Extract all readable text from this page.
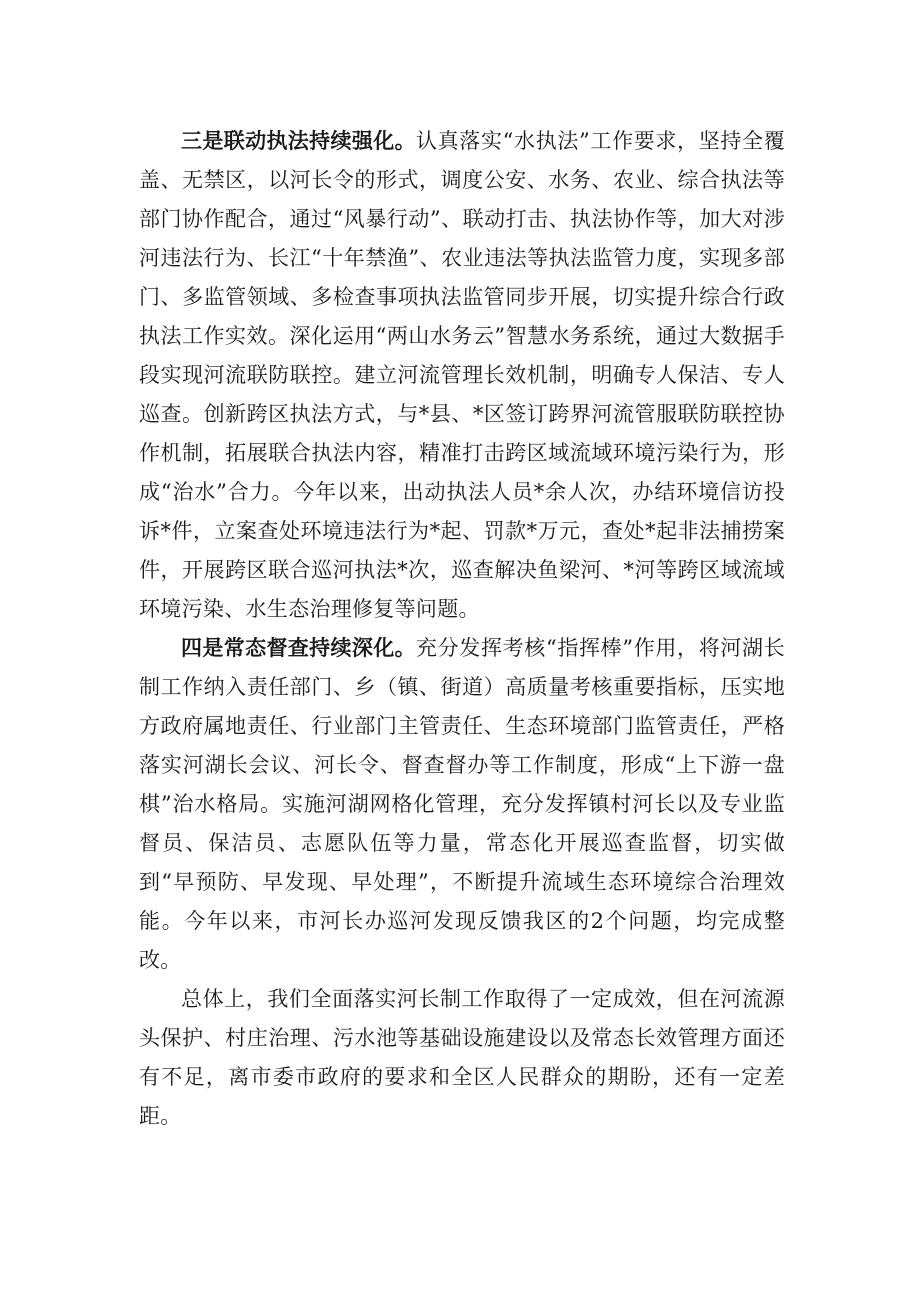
三是联动执法持续强化。认真落实“水执法”工作要求，坚持全覆盖、无禁区，以河长令的形式，调度公安、水务、农业、综合执法等部门协作配合，通过“风暴行动”、联动打击、执法协作等，加大对涉河违法行为、长江“十年禁渔”、农业违法等执法监管力度，实现多部门、多监管领域、多检查事项执法监管同步开展，切实提升综合行政执法工作实效。深化运用“两山水务云”智慧水务系统，通过大数据手段实现河流联防联控。建立河流管理长效机制，明确专人保洁、专人巡查。创新跨区执法方式，与*县、*区签订跨界河流管服联防联控协作机制，拓展联合执法内容，精准打击跨区域流域环境污染行为，形成“治水”合力。今年以来，出动执法人员*余人次，办结环境信访投诉*件，立案查处环境违法行为*起、罚款*万元，查处*起非法捕捞案件，开展跨区联合巡河执法*次，巡查解决鱼梁河、*河等跨区域流域环境污染、水生态治理修复等问题。

四是常态督查持续深化。充分发挥考核“指挥棒”作用，将河湖长制工作纳入责任部门、乡（镇、街道）高质量考核重要指标，压实地方政府属地责任、行业部门主管责任、生态环境部门监管责任，严格落实河湖长会议、河长令、督查督办等工作制度，形成“上下游一盘棋”治水格局。实施河湖网格化管理，充分发挥镇村河长以及专业监督员、保洁员、志愿队伍等力量，常态化开展巡查监督，切实做到“早预防、早发现、早处理”，不断提升流域生态环境综合治理效能。今年以来，市河长办巡河发现反馈我区的2个问题，均完成整改。

总体上，我们全面落实河长制工作取得了一定成效，但在河流源头保护、村庄治理、污水池等基础设施建设以及常态长效管理方面还有不足，离市委市政府的要求和全区人民群众的期盼，还有一定差距。
